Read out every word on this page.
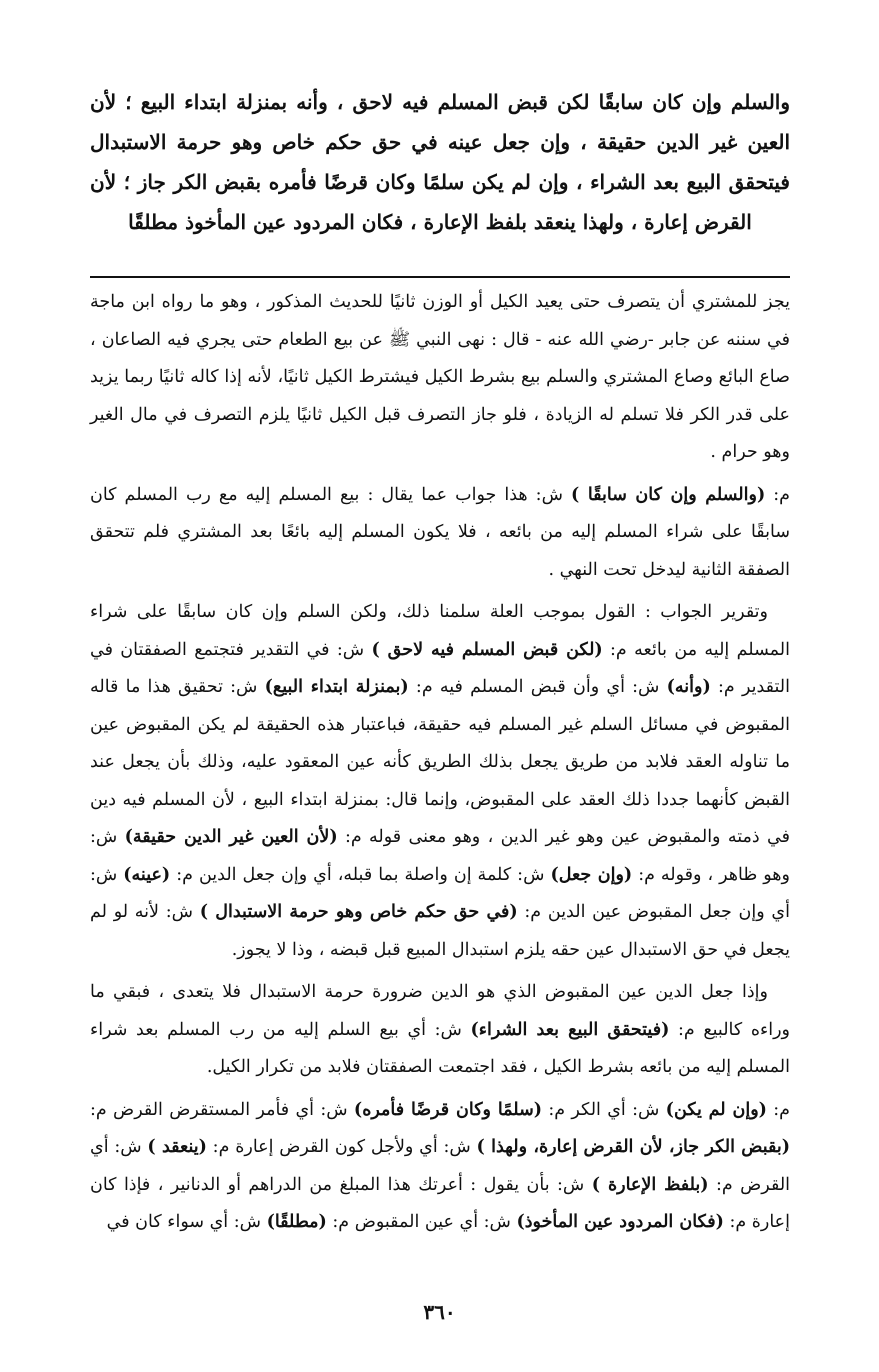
والسلم وإن كان سابقًا لكن قبض المسلم فيه لاحق ، وأنه بمنزلة ابتداء البيع ؛ لأن العين غير الدين حقيقة ، وإن جعل عينه في حق حكم خاص وهو حرمة الاستبدال فيتحقق البيع بعد الشراء ، وإن لم يكن سلمًا وكان قرضًا فأمره بقبض الكر جاز ؛ لأن القرض إعارة ، ولهذا ينعقد بلفظ الإعارة ، فكان المردود عين المأخوذ مطلقًا

يجز للمشتري أن يتصرف حتى يعيد الكيل أو الوزن ثانيًا للحديث المذكور ، وهو ما رواه ابن ماجة في سننه عن جابر -رضي الله عنه - قال : نهى النبي ﷺ عن بيع الطعام حتى يجري فيه الصاعان ، صاع البائع وصاع المشتري والسلم بيع بشرط الكيل فيشترط الكيل ثانيًا، لأنه إذا كاله ثانيًا ربما يزيد على قدر الكر فلا تسلم له الزيادة ، فلو جاز التصرف قبل الكيل ثانيًا يلزم التصرف في مال الغير وهو حرام .

م: (والسلم وإن كان سابقًا ) ش: هذا جواب عما يقال : بيع المسلم إليه مع رب المسلم كان سابقًا على شراء المسلم إليه من بائعه ، فلا يكون المسلم إليه بائعًا بعد المشتري فلم تتحقق الصفقة الثانية ليدخل تحت النهي .

وتقرير الجواب : القول بموجب العلة سلمنا ذلك، ولكن السلم وإن كان سابقًا على شراء المسلم إليه من بائعه م: (لكن قبض المسلم فيه لاحق ) ش: في التقدير فتجتمع الصفقتان في التقدير م: (وأنه) ش: أي وأن قبض المسلم فيه م: (بمنزلة ابتداء البيع) ش: تحقيق هذا ما قاله المقبوض في مسائل السلم غير المسلم فيه حقيقة، فباعتبار هذه الحقيقة لم يكن المقبوض عين ما تناوله العقد فلابد من طريق يجعل بذلك الطريق كأنه عين المعقود عليه، وذلك بأن يجعل عند القبض كأنهما جددا ذلك العقد على المقبوض، وإنما قال: بمنزلة ابتداء البيع ، لأن المسلم فيه دين في ذمته والمقبوض عين وهو غير الدين ، وهو معنى قوله م: (لأن العين غير الدين حقيقة) ش: وهو ظاهر ، وقوله م: (وإن جعل) ش: كلمة إن واصلة بما قبله، أي وإن جعل الدين م: (عينه) ش: أي وإن جعل المقبوض عين الدين م: (في حق حكم خاص وهو حرمة الاستبدال ) ش: لأنه لو لم يجعل في حق الاستبدال عين حقه يلزم استبدال المبيع قبل قبضه ، وذا لا يجوز.

وإذا جعل الدين عين المقبوض الذي هو الدين ضرورة حرمة الاستبدال فلا يتعدى ، فبقي ما وراءه كالبيع م: (فيتحقق البيع بعد الشراء) ش: أي بيع السلم إليه من رب المسلم بعد شراء المسلم إليه من بائعه بشرط الكيل ، فقد اجتمعت الصفقتان فلابد من تكرار الكيل.

م: (وإن لم يكن) ش: أي الكر م: (سلمًا وكان قرضًا فأمره) ش: أي فأمر المستقرض القرض م: (بقبض الكر جاز، لأن القرض إعارة، ولهذا ) ش: أي ولأجل كون القرض إعارة م: (ينعقد ) ش: أي القرض م: (بلفظ الإعارة ) ش: بأن يقول : أعرتك هذا المبلغ من الدراهم أو الدنانير ، فإذا كان إعارة م: (فكان المردود عين المأخوذ) ش: أي عين المقبوض م: (مطلقًا) ش: أي سواء كان في

٣٦٠
